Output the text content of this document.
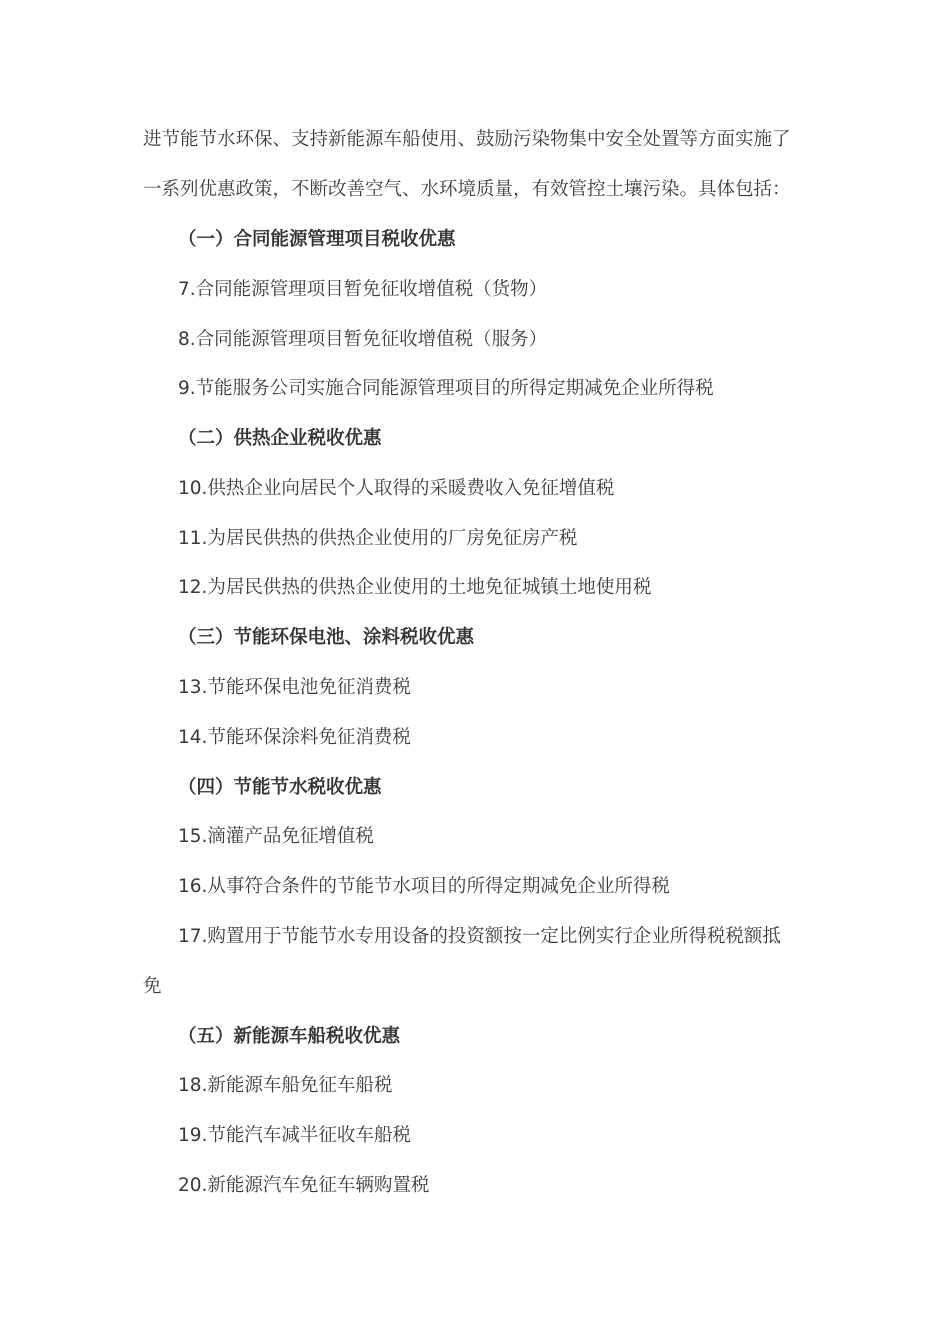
进节能节水环保、支持新能源车船使用、鼓励污染物集中安全处置等方面实施了
一系列优惠政策，不断改善空气、水环境质量，有效管控土壤污染。具体包括：
（一）合同能源管理项目税收优惠
7.合同能源管理项目暂免征收增值税（货物）
8.合同能源管理项目暂免征收增值税（服务）
9.节能服务公司实施合同能源管理项目的所得定期减免企业所得税
（二）供热企业税收优惠
10.供热企业向居民个人取得的采暖费收入免征增值税
11.为居民供热的供热企业使用的厂房免征房产税
12.为居民供热的供热企业使用的土地免征城镇土地使用税
（三）节能环保电池、涂料税收优惠
13.节能环保电池免征消费税
14.节能环保涂料免征消费税
（四）节能节水税收优惠
15.滴灌产品免征增值税
16.从事符合条件的节能节水项目的所得定期减免企业所得税
17.购置用于节能节水专用设备的投资额按一定比例实行企业所得税税额抵
免
（五）新能源车船税收优惠
18.新能源车船免征车船税
19.节能汽车减半征收车船税
20.新能源汽车免征车辆购置税
